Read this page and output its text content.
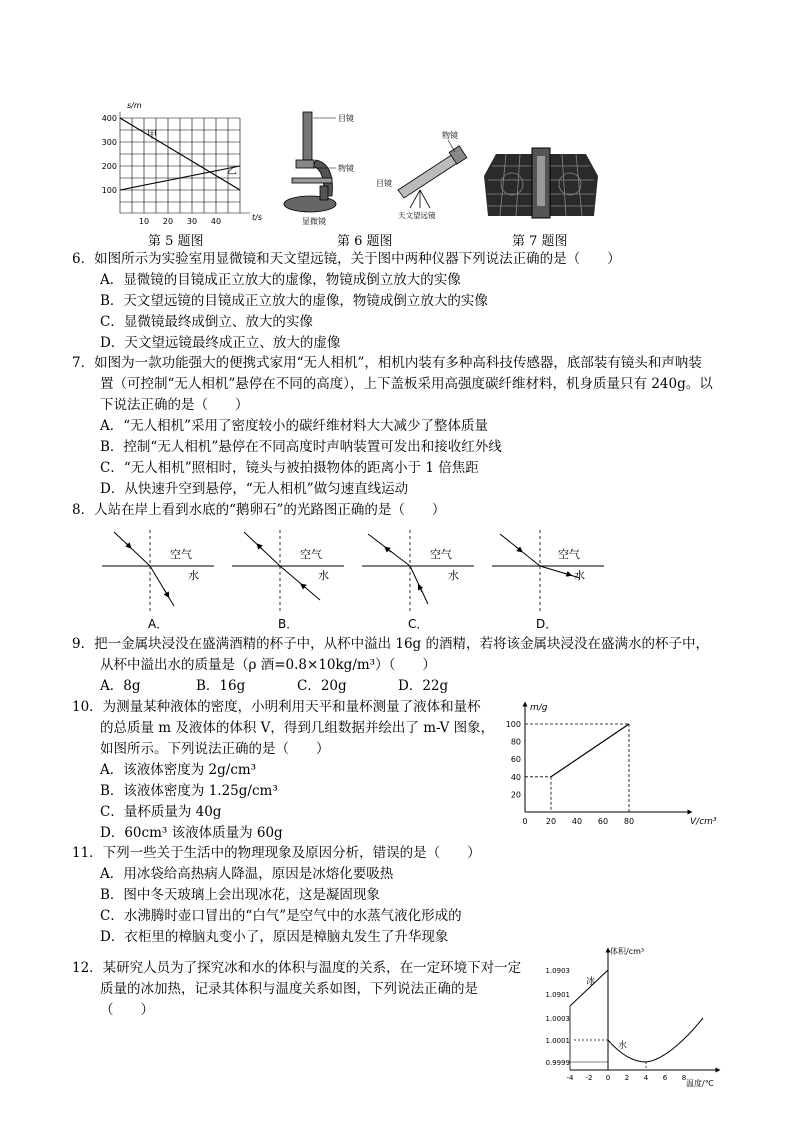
s/m
甲
乙
400
300
200
100
10 20 30 40	t/s
第 5 题图
目镜
物镜
显微镜
物镜
目镜
天文望远镜
第 6 题图	第 7 题图
6．如图所示为实验室用显微镜和天文望远镜，关于图中两种仪器下列说法正确的是（　　）
A．显微镜的目镜成正立放大的虚像，物镜成倒立放大的实像
B．天文望远镜的目镜成正立放大的虚像，物镜成倒立放大的实像
C．显微镜最终成倒立、放大的实像
D．天文望远镜最终成正立、放大的虚像
7．如图为一款功能强大的便携式家用“无人相机”，相机内装有多种高科技传感器，底部装有镜头和声呐装
置（可控制“无人相机”悬停在不同的高度），上下盖板采用高强度碳纤维材料，机身质量只有 240g。以
下说法正确的是（　　）
A．“无人相机”采用了密度较小的碳纤维材料大大减少了整体质量
B．控制“无人相机”悬停在不同高度时声呐装置可发出和接收红外线
C．“无人相机”照相时，镜头与被拍摄物体的距离小于 1 倍焦距
D．从快速升空到悬停，“无人相机”做匀速直线运动
8．人站在岸上看到水底的“鹅卵石”的光路图正确的是（　　）
空气
水
A．
空气
水
B．
空气
水
C．
空气
水
D．
9．把一金属块浸没在盛满酒精的杯子中，从杯中溢出 16g 的酒精，若将该金属块浸没在盛满水的杯子中，
从杯中溢出水的质量是（ρ 酒=0.8×10kg/m³）（　　）
A．8g	B．16g	C．20g	D．22g
10．为测量某种液体的密度，小明利用天平和量杯测量了液体和量杯
的总质量 m 及液体的体积 V，得到几组数据并绘出了 m-V 图象，
如图所示。下列说法正确的是（　　）
A．该液体密度为 2g/cm³
B．该液体密度为 1.25g/cm³
C．量杯质量为 40g
D．60cm³ 该液体质量为 60g
m/g
V/cm³
100
80
60
40
20
0 20 40 60 80
11．下列一些关于生活中的物理现象及原因分析，错误的是（　　）
A．用冰袋给高热病人降温，原因是冰熔化要吸热
B．图中冬天玻璃上会出现冰花，这是凝固现象
C．水沸腾时壶口冒出的“白气”是空气中的水蒸气液化形成的
D．衣柜里的樟脑丸变小了，原因是樟脑丸发生了升华现象
12．某研究人员为了探究冰和水的体积与温度的关系，在一定环境下对一定
质量的冰加热，记录其体积与温度关系如图，下列说法正确的是
（　　）
体积/cm³
温度/℃
冰
水
1.0903
1.0901
1.0003
1.0001
0.9999
-4 -2 0 2 4 6 8
